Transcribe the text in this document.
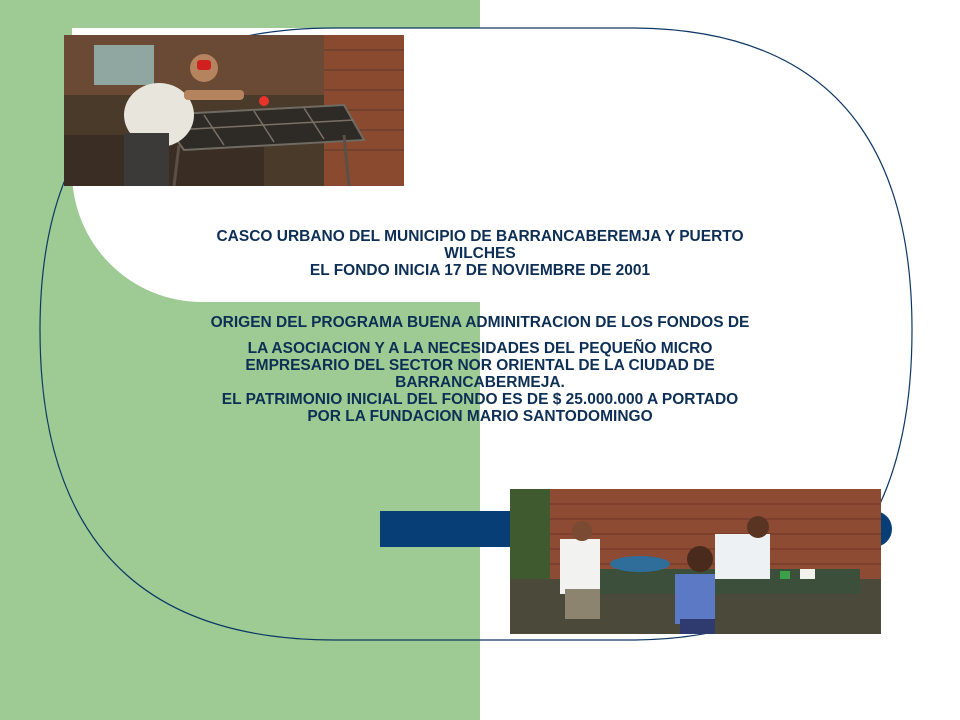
CASCO URBANO DEL MUNICIPIO DE BARRANCABEREMJA Y PUERTO
WILCHES
EL FONDO INICIA 17 DE NOVIEMBRE DE 2001
ORIGEN DEL PROGRAMA BUENA ADMINITRACION DE LOS FONDOS DE
LA ASOCIACION Y A LA NECESIDADES DEL PEQUEÑO MICRO
EMPRESARIO DEL SECTOR NOR ORIENTAL DE LA CIUDAD DE
BARRANCABERMEJA.
EL PATRIMONIO INICIAL DEL FONDO ES DE $ 25.000.000 A PORTADO
POR LA FUNDACION MARIO SANTODOMINGO
